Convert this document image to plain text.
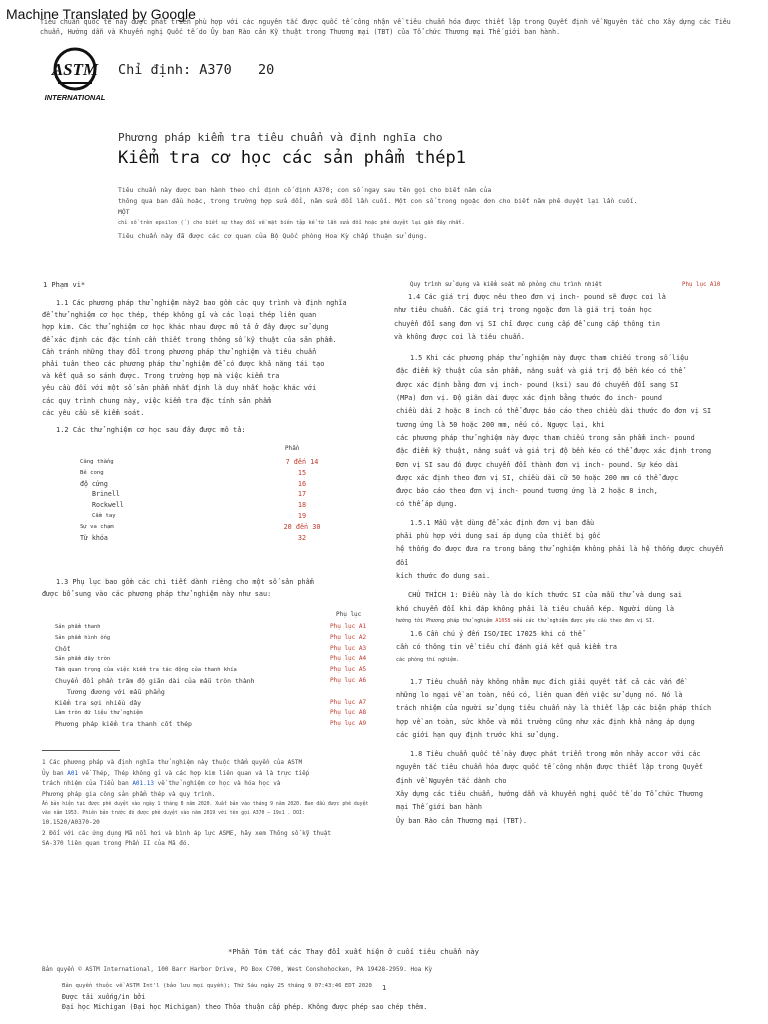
Machine Translated by Google
Tiêu chuẩn quốc tế này được phát triển phù hợp với các nguyên tắc được quốc tế công nhận về tiêu chuẩn hóa được thiết lập trong Quyết định về Nguyên tắc cho Xây dựng các Tiêu chuẩn, Hướng dẫn và Khuyến nghị Quốc tế do Ủy ban Rào cản Kỹ thuật trong Thương mại (TBT) của Tổ chức Thương mại Thế giới ban hành.
ASTM
INTERNATIONAL
Chỉ định: A370 20
Phương pháp kiểm tra tiêu chuẩn và định nghĩa cho
Kiểm tra cơ học các sản phẩm thép1
Tiêu chuẩn này được ban hành theo chỉ định cố định A370; con số ngay sau tên gọi cho biết năm của
thông qua ban đầu hoặc, trong trường hợp sửa đổi, năm sửa đổi lần cuối. Một con số trong ngoặc đơn cho biết năm phê duyệt lại lần cuối. MỘT
chỉ số trên epsilon (´) cho biết sự thay đổi về mặt biên tập kể từ lần sửa đổi hoặc phê duyệt lại gần đây nhất.
Tiêu chuẩn này đã được các cơ quan của Bộ Quốc phòng Hoa Kỳ chấp thuận sử dụng.
1 Phạm vi*
1.1 Các phương pháp thử nghiệm này2 bao gồm các quy trình và định nghĩa
để thử nghiệm cơ học thép, thép không gỉ và các loại thép liên quan
hợp kim. Các thử nghiệm cơ học khác nhau được mô tả ở đây được sử dụng
để xác định các đặc tính cần thiết trong thông số kỹ thuật của sản phẩm.
Cần tránh những thay đổi trong phương pháp thử nghiệm và tiêu chuẩn
phải tuân theo các phương pháp thử nghiệm để có được khả năng tái tạo
và kết quả so sánh được. Trong trường hợp mà việc kiểm tra
yêu cầu đối với một số sản phẩm nhất định là duy nhất hoặc khác với
các quy trình chung này, việc kiểm tra đặc tính sản phẩm
các yêu cầu sẽ kiểm soát.
1.2 Các thử nghiệm cơ học sau đây được mô tả:
Phần
Căng thẳng	7 đến 14
Bẻ cong	15
độ cứng	16
Brinell	17
Rockwell	18
Cầm tay	19
Sự va chạm	20 đến 30
Từ khóa	32
1.3 Phụ lục bao gồm các chi tiết dành riêng cho một số sản phẩm
được bổ sung vào các phương pháp thử nghiệm này như sau:
Phụ lục
Sản phẩm thanh	Phụ lục A1
Sản phẩm hình ống	Phụ lục A2
Chốt	Phụ lục A3
Sản phẩm dây tròn	Phụ lục A4
Tầm quan trọng của việc kiểm tra tác động của thanh khía	Phụ lục A5
Chuyển đổi phần trăm độ giãn dài của mẫu tròn thành	Phụ lục A6
Tương đương với mẫu phẳng
Kiểm tra sợi nhiều dây	Phụ lục A7
Làm tròn dữ liệu thử nghiệm	Phụ lục A8
Phương pháp kiểm tra thanh cốt thép	Phụ lục A9
1 Các phương pháp và định nghĩa thử nghiệm này thuộc thẩm quyền của ASTM
Ủy ban A01 về Thép, Thép không gỉ và các hợp kim liên quan và là trực tiếp
trách nhiệm của Tiểu ban A01.13 về thử nghiệm cơ học và hóa học và
Phương pháp gia công sản phẩm thép và quy trình.
Ấn bản hiện tại được phê duyệt vào ngày 1 tháng 8 năm 2020. Xuất bản vào tháng 9 năm 2020. Ban đầu được phê duyệt vào năm 1953. Phiên bản trước đó được phê duyệt vào năm 2019 với tên gọi A370 – 19ε1 . DOI:
10.1520/A0370-20
2 Đối với các ứng dụng Mã nồi hơi và bình áp lực ASME, hãy xem Thông số kỹ thuật
SA-370 liên quan trong Phần II của Mã đó.
Quy trình sử dụng và kiểm soát mô phỏng chu trình nhiệt	Phụ lục A10
1.4 Các giá trị được nêu theo đơn vị inch- pound sẽ được coi là
như tiêu chuẩn. Các giá trị trong ngoặc đơn là giá trị toán học
chuyển đổi sang đơn vị SI chỉ được cung cấp để cung cấp thông tin
và không được coi là tiêu chuẩn.
1.5 Khi các phương pháp thử nghiệm này được tham chiếu trong số liệu
đặc điểm kỹ thuật của sản phẩm, năng suất và giá trị độ bền kéo có thể
được xác định bằng đơn vị inch- pound (ksi) sau đó chuyển đổi sang SI
(MPa) đơn vị. Độ giãn dài được xác định bằng thước đo inch- pound
chiều dài 2 hoặc 8 inch có thể được báo cáo theo chiều dài thước đo đơn vị SI
tương ứng là 50 hoặc 200 mm, nếu có. Ngược lại, khi
các phương pháp thử nghiệm này được tham chiếu trong sản phẩm inch- pound
đặc điểm kỹ thuật, năng suất và giá trị độ bền kéo có thể được xác định trong
Đơn vị SI sau đó được chuyển đổi thành đơn vị inch- pound. Sự kéo dài
được xác định theo đơn vị SI, chiều dài cữ 50 hoặc 200 mm có thể được
được báo cáo theo đơn vị inch- pound tương ứng là 2 hoặc 8 inch,
có thể áp dụng.
1.5.1 Mẫu vật dùng để xác định đơn vị ban đầu
phải phù hợp với dung sai áp dụng của thiết bị gốc
hệ thống đo được đưa ra trong bảng thử nghiệm không phải là hệ thống được chuyển đổi
kích thước đo dung sai.
CHÚ THÍCH 1: Điều này là do kích thước SI của mẫu thử và dung sai
khó chuyển đổi khi đáp không phải là tiêu chuẩn kép. Người dùng là
hướng tới Phương pháp thử nghiệm A1058 nếu các thử nghiệm được yêu cầu theo đơn vị SI.
1.6 Cần chú ý đến ISO/IEC 17025 khi có thể
cần có thông tin về tiêu chí đánh giá kết quả kiểm tra
các phòng thí nghiệm.
1.7 Tiêu chuẩn này không nhằm mục đích giải quyết tất cả các vấn đề
những lo ngại về an toàn, nếu có, liên quan đến việc sử dụng nó. Nó là
trách nhiệm của người sử dụng tiêu chuẩn này là thiết lập các biện pháp thích
hợp về an toàn, sức khỏe và môi trường cũng như xác định khả năng áp dụng
các giới hạn quy định trước khi sử dụng.
1.8 Tiêu chuẩn quốc tế này được phát triển trong môn nhảy accor với các
nguyên tắc tiêu chuẩn hóa được quốc tế công nhận được thiết lập trong Quyết
định về Nguyên tắc dành cho
Xây dựng các tiêu chuẩn, hướng dẫn và khuyến nghị quốc tế do Tổ chức Thương
mại Thế giới ban hành
Ủy ban Rào cản Thương mại (TBT).
*Phần Tóm tắt các Thay đổi xuất hiện ở cuối tiêu chuẩn này
Bản quyền © ASTM International, 100 Barr Harbor Drive, PO Box C700, West Conshohocken, PA 19428-2959. Hoa Kỳ
Bản quyền thuộc về ASTM Int'l (bảo lưu mọi quyền); Thứ Sáu ngày 25 tháng 9 07:43:46 EDT 2020
Được tải xuống/in bởi
Đại học Michigan (Đại học Michigan) theo Thỏa thuận cấp phép. Không được phép sao chép thêm.
1
